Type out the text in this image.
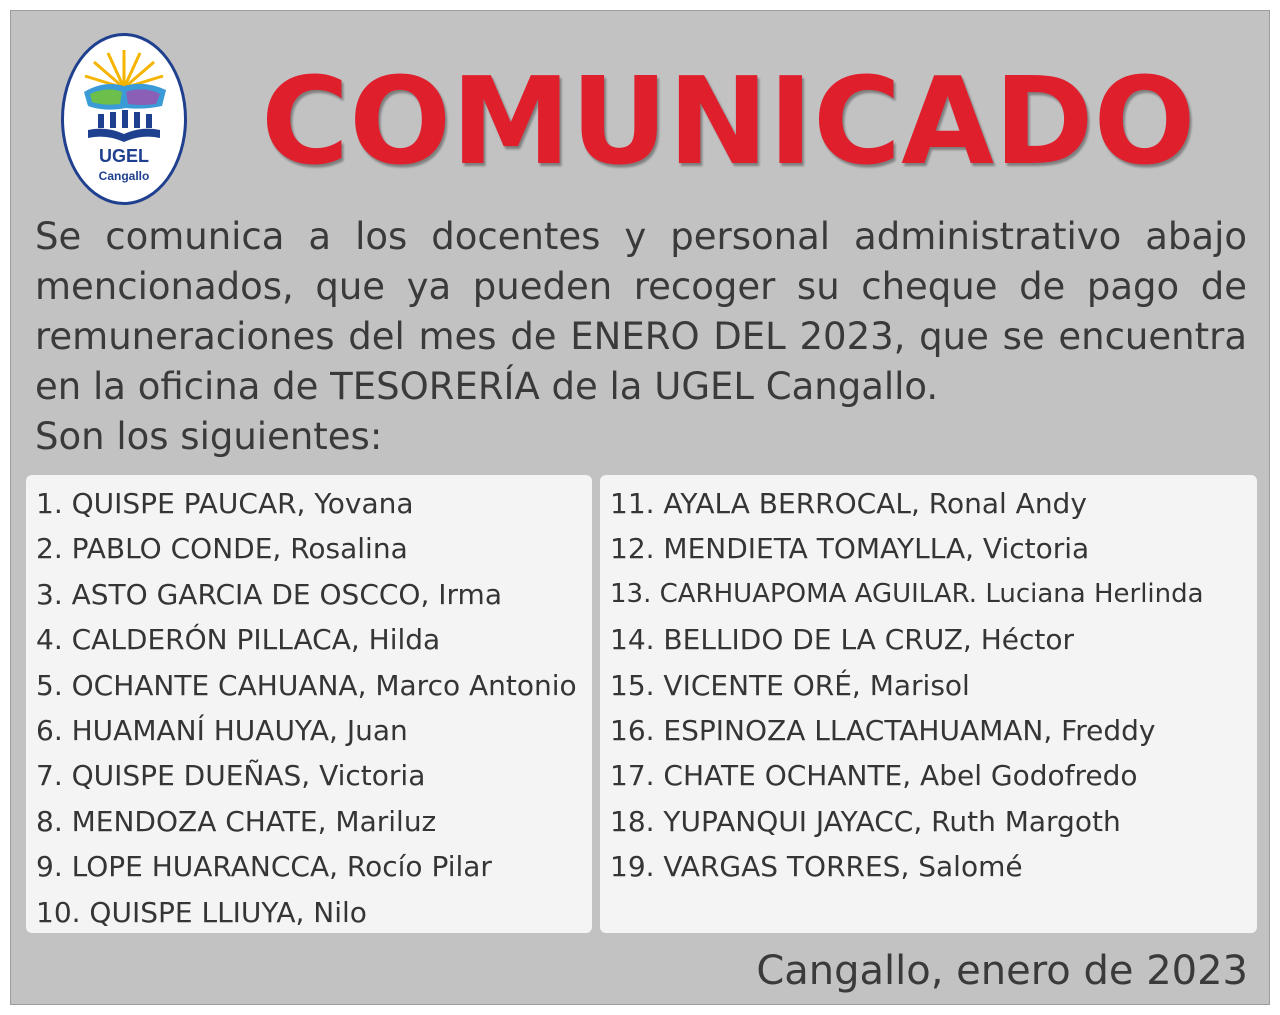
UGEL
Cangallo COMUNICADO
Se comunica a los docentes y personal administrativo abajo mencionados, que ya pueden recoger su cheque de pago de remuneraciones del mes de ENERO DEL 2023, que se encuentra en la oficina de TESORERÍA de la UGEL Cangallo.
Son los siguientes:
1. QUISPE PAUCAR, Yovana
2. PABLO CONDE, Rosalina
3. ASTO GARCIA DE OSCCO, Irma
4. CALDERÓN PILLACA, Hilda
5. OCHANTE CAHUANA, Marco Antonio
6. HUAMANÍ HUAUYA, Juan
7. QUISPE DUEÑAS, Victoria
8. MENDOZA CHATE, Mariluz
9. LOPE HUARANCCA, Rocío Pilar
10. QUISPE LLIUYA, Nilo
11. AYALA BERROCAL, Ronal Andy
12. MENDIETA TOMAYLLA, Victoria
13. CARHUAPOMA AGUILAR. Luciana Herlinda
14. BELLIDO DE LA CRUZ, Héctor
15. VICENTE ORÉ, Marisol
16. ESPINOZA LLACTAHUAMAN, Freddy
17. CHATE OCHANTE, Abel Godofredo
18. YUPANQUI JAYACC, Ruth Margoth
19. VARGAS TORRES, Salomé
Cangallo, enero de 2023
